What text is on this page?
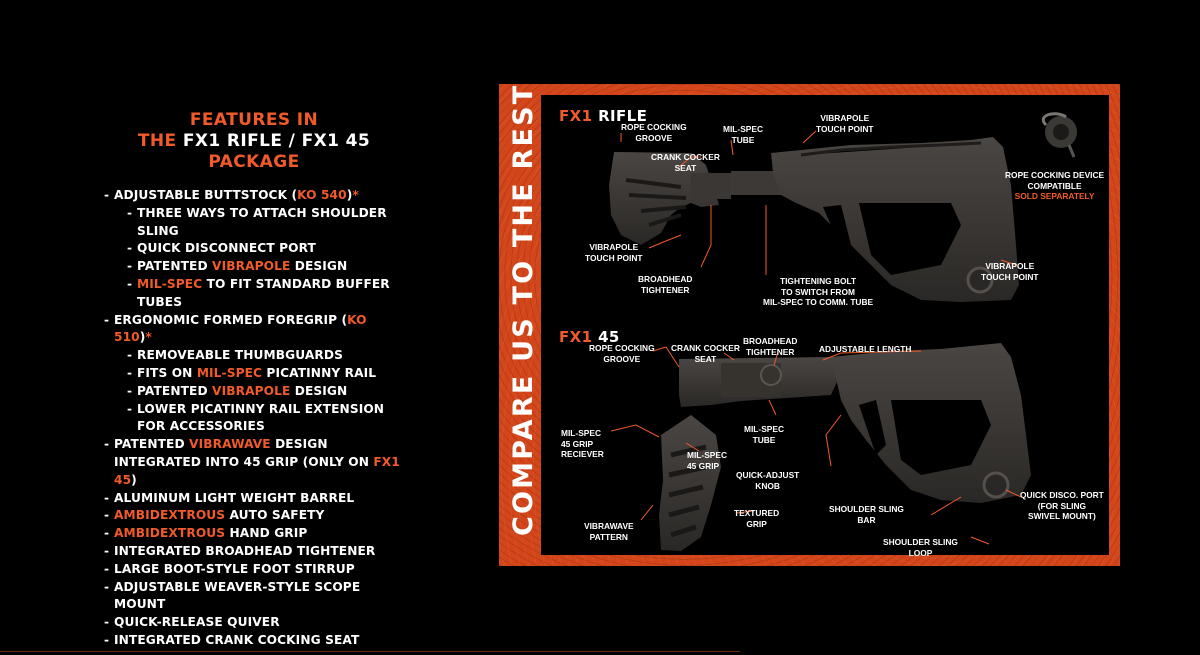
FEATURES IN
THE FX1 RIFLE / FX1 45 PACKAGE
- ADJUSTABLE BUTTSTOCK (KO 540)*
- THREE WAYS TO ATTACH SHOULDER SLING
- QUICK DISCONNECT PORT
- PATENTED VIBRAPOLE DESIGN
- MIL-SPEC TO FIT STANDARD BUFFER TUBES
- ERGONOMIC FORMED FOREGRIP (KO 510)*
- REMOVEABLE THUMBGUARDS
- FITS ON MIL-SPEC PICATINNY RAIL
- PATENTED VIBRAPOLE DESIGN
- LOWER PICATINNY RAIL EXTENSION FOR ACCESSORIES
- PATENTED VIBRAWAVE DESIGN INTEGRATED INTO 45 GRIP (ONLY ON FX1 45)
- ALUMINUM LIGHT WEIGHT BARREL
- AMBIDEXTROUS AUTO SAFETY
- AMBIDEXTROUS HAND GRIP
- INTEGRATED BROADHEAD TIGHTENER
- LARGE BOOT-STYLE FOOT STIRRUP
- ADJUSTABLE WEAVER-STYLE SCOPE MOUNT
- QUICK-RELEASE QUIVER
- INTEGRATED CRANK COCKING SEAT
COMPARE US TO THE REST FX1 RIFLE
FX1 45
ROPE COCKING
GROOVE
CRANK COCKER
SEAT
MIL-SPEC
TUBE
VIBRAPOLE
TOUCH POINT
VIBRAPOLE
TOUCH POINT
BROADHEAD
TIGHTENER
TIGHTENING BOLT
TO SWITCH FROM
MIL-SPEC TO COMM. TUBE
VIBRAPOLE
TOUCH POINT
ROPE COCKING DEVICE
COMPATIBLE
SOLD SEPARATELY
ROPE COCKING
GROOVE
CRANK COCKER
SEAT
BROADHEAD
TIGHTENER	ADJUSTABLE LENGTH
MIL-SPEC
45 GRIP
RECIEVER	MIL-SPEC
45 GRIP
MIL-SPEC
TUBE
QUICK-ADJUST
KNOB
QUICK DISCO. PORT
(FOR SLING
SWIVEL MOUNT)
SHOULDER SLING
BAR
VIBRAWAVE
PATTERN
TEXTURED
GRIP
SHOULDER SLING
LOOP
